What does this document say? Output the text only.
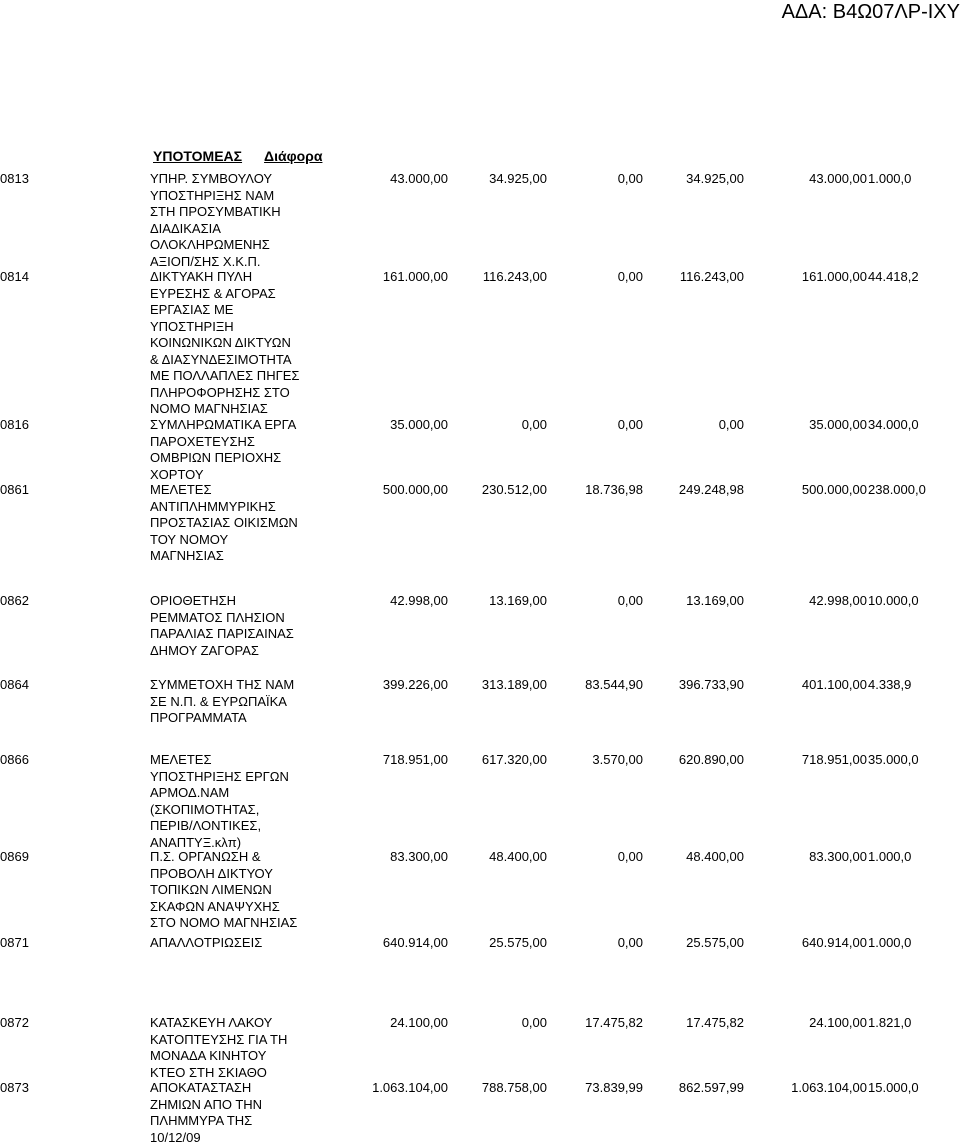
ΑΔΑ: Β4Ω07ΛΡ-ΙΧΥ
ΥΠΟΤΟΜΕΑΣ Διάφορα
0813	ΥΠΗΡ. ΣΥΜΒΟΥΛΟΥ
ΥΠΟΣΤΗΡΙΞΗΣ ΝΑΜ
ΣΤΗ ΠΡΟΣΥΜΒΑΤΙΚΗ
ΔΙΑΔΙΚΑΣΙΑ
ΟΛΟΚΛΗΡΩΜΕΝΗΣ
ΑΞΙΟΠ/ΣΗΣ Χ.Κ.Π.
43.000,00	34.925,00	0,00	34.925,00	43.000,00 1.000,0
0814	ΔΙΚΤΥΑΚΗ ΠΥΛΗ
ΕΥΡΕΣΗΣ & ΑΓΟΡΑΣ
ΕΡΓΑΣΙΑΣ ΜΕ
ΥΠΟΣΤΗΡΙΞΗ
ΚΟΙΝΩΝΙΚΩΝ ΔΙΚΤΥΩΝ
& ΔΙΑΣΥΝΔΕΣΙΜΟΤΗΤΑ
ΜΕ ΠΟΛΛΑΠΛΕΣ ΠΗΓΕΣ
ΠΛΗΡΟΦΟΡΗΣΗΣ ΣΤΟ
ΝΟΜΟ ΜΑΓΝΗΣΙΑΣ
161.000,00	116.243,00	0,00	116.243,00	161.000,00 44.418,2
0816	ΣΥΜΛΗΡΩΜΑΤΙΚΑ ΕΡΓΑ
ΠΑΡΟΧΕΤΕΥΣΗΣ
ΟΜΒΡΙΩΝ ΠΕΡΙΟΧΗΣ
ΧΟΡΤΟΥ
35.000,00	0,00	0,00	0,00	35.000,00 34.000,0
0861	ΜΕΛΕΤΕΣ
ΑΝΤΙΠΛΗΜΜΥΡΙΚΗΣ
ΠΡΟΣΤΑΣΙΑΣ ΟΙΚΙΣΜΩΝ
ΤΟΥ ΝΟΜΟΥ
ΜΑΓΝΗΣΙΑΣ
500.000,00	230.512,00	18.736,98	249.248,98	500.000,00 238.000,0
0862	ΟΡΙΟΘΕΤΗΣΗ
ΡΕΜΜΑΤΟΣ ΠΛΗΣΙΟΝ
ΠΑΡΑΛΙΑΣ ΠΑΡΙΣΑΙΝΑΣ
ΔΗΜΟΥ ΖΑΓΟΡΑΣ
42.998,00	13.169,00	0,00	13.169,00	42.998,00 10.000,0
0864	ΣΥΜΜΕΤΟΧΗ ΤΗΣ ΝΑΜ
ΣΕ Ν.Π. & ΕΥΡΩΠΑΪΚΑ
ΠΡΟΓΡΑΜΜΑΤΑ
399.226,00	313.189,00	83.544,90	396.733,90	401.100,00 4.338,9
0866	ΜΕΛΕΤΕΣ
ΥΠΟΣΤΗΡΙΞΗΣ ΕΡΓΩΝ
ΑΡΜΟΔ.ΝΑΜ
(ΣΚΟΠΙΜΟΤΗΤΑΣ,
ΠΕΡΙΒ/ΛΟΝΤΙΚΕΣ,
ΑΝΑΠΤΥΞ.κλπ)
718.951,00	617.320,00	3.570,00	620.890,00	718.951,00 35.000,0
0869	Π.Σ. ΟΡΓΑΝΩΣΗ &
ΠΡΟΒΟΛΗ ΔΙΚΤΥΟΥ
ΤΟΠΙΚΩΝ ΛΙΜΕΝΩΝ
ΣΚΑΦΩΝ ΑΝΑΨΥΧΗΣ
ΣΤΟ ΝΟΜΟ ΜΑΓΝΗΣΙΑΣ
83.300,00	48.400,00	0,00	48.400,00	83.300,00 1.000,0
0871	ΑΠΑΛΛΟΤΡΙΩΣΕΙΣ	640.914,00	25.575,00	0,00	25.575,00	640.914,00 1.000,0
0872	ΚΑΤΑΣΚΕΥΗ ΛΑΚΟΥ
ΚΑΤΟΠΤΕΥΣΗΣ ΓΙΑ ΤΗ
ΜΟΝΑΔΑ ΚΙΝΗΤΟΥ
ΚΤΕΟ ΣΤΗ ΣΚΙΑΘΟ
24.100,00	0,00	17.475,82	17.475,82	24.100,00 1.821,0
0873	ΑΠΟΚΑΤΑΣΤΑΣΗ
ΖΗΜΙΩΝ ΑΠΟ ΤΗΝ
ΠΛΗΜΜΥΡΑ ΤΗΣ
10/12/09
1.063.104,00	788.758,00	73.839,99	862.597,99	1.063.104,00 15.000,0
